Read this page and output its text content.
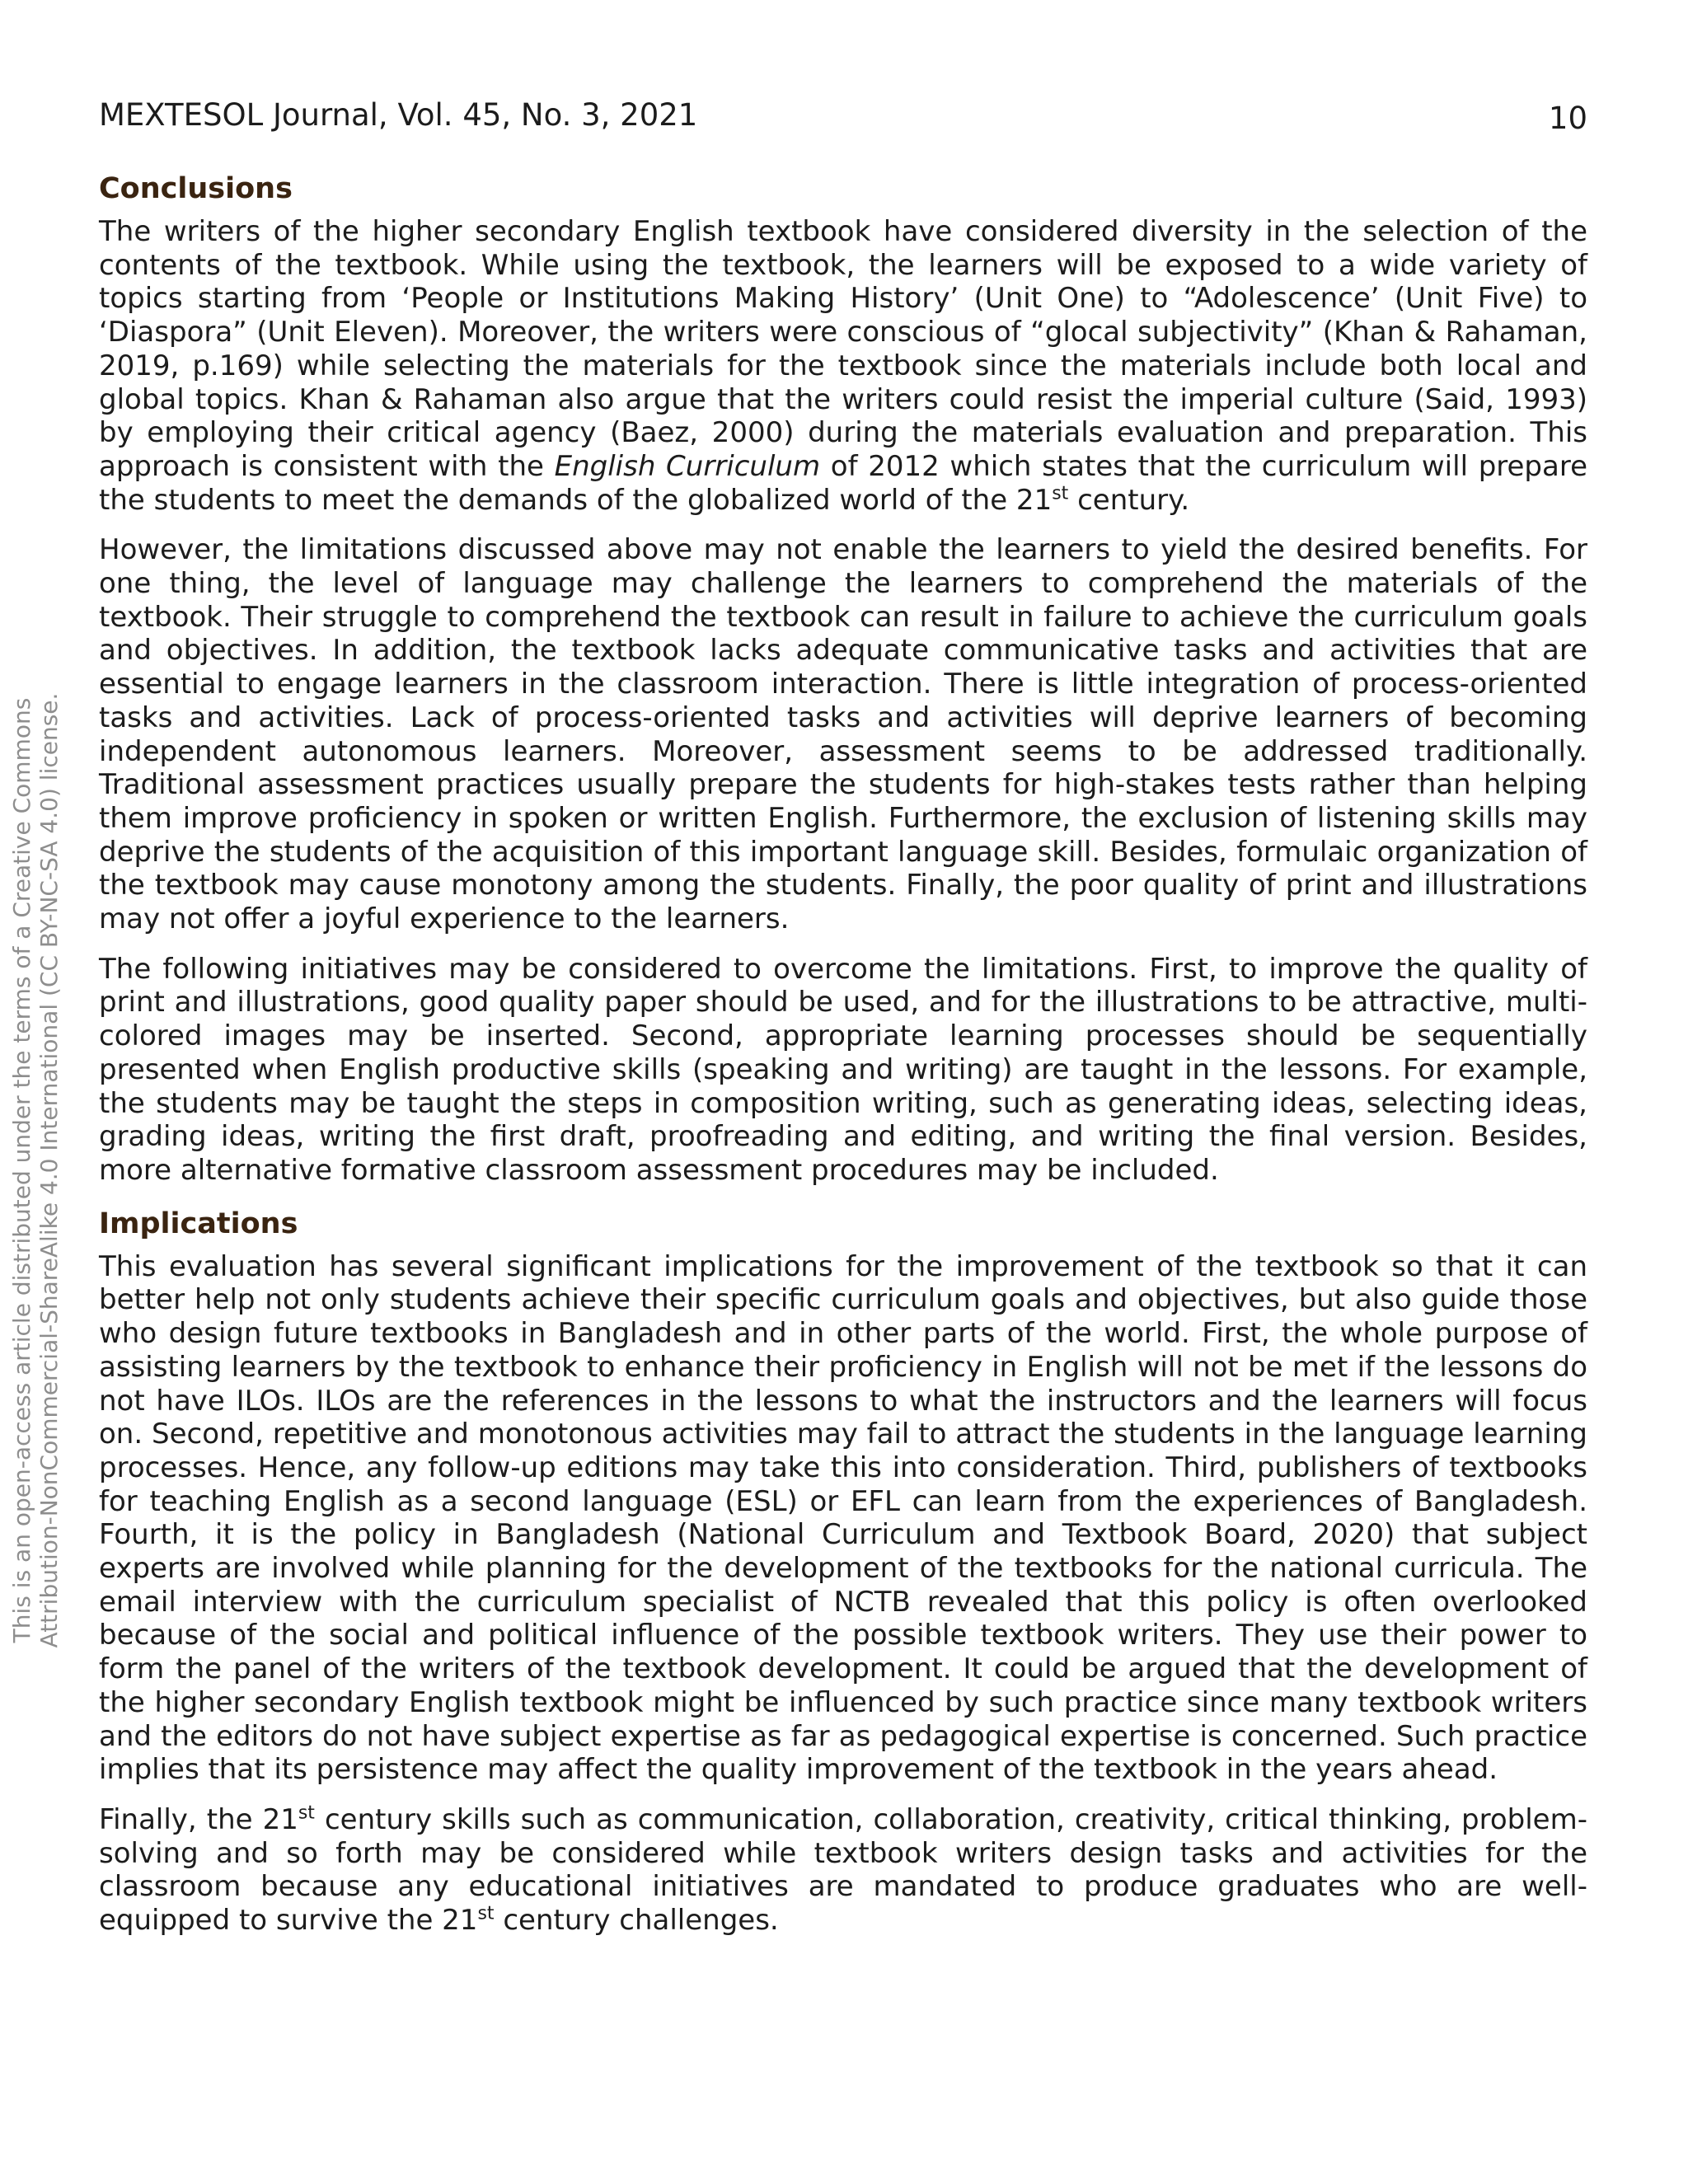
MEXTESOL Journal, Vol. 45, No. 3, 2021	10
This is an open-access article distributed under the terms of a Creative Commons Attribution-NonCommercial-ShareAlike 4.0 International (CC BY-NC-SA 4.0) license.
Conclusions

The writers of the higher secondary English textbook have considered diversity in the selection of the contents of the textbook. While using the textbook, the learners will be exposed to a wide variety of topics starting from ‘People or Institutions Making History’ (Unit One) to “Adolescence’ (Unit Five) to ‘Diaspora” (Unit Eleven). Moreover, the writers were conscious of “glocal subjectivity” (Khan & Rahaman, 2019, p.169) while selecting the materials for the textbook since the materials include both local and global topics. Khan & Rahaman also argue that the writers could resist the imperial culture (Said, 1993) by employing their critical agency (Baez, 2000) during the materials evaluation and preparation. This approach is consistent with the English Curriculum of 2012 which states that the curriculum will prepare the students to meet the demands of the globalized world of the 21st century.

However, the limitations discussed above may not enable the learners to yield the desired benefits. For one thing, the level of language may challenge the learners to comprehend the materials of the textbook. Their struggle to comprehend the textbook can result in failure to achieve the curriculum goals and objectives. In addition, the textbook lacks adequate communicative tasks and activities that are essential to engage learners in the classroom interaction. There is little integration of process-oriented tasks and activities. Lack of process-oriented tasks and activities will deprive learners of becoming independent autonomous learners. Moreover, assessment seems to be addressed traditionally. Traditional assessment practices usually prepare the students for high-stakes tests rather than helping them improve proficiency in spoken or written English. Furthermore, the exclusion of listening skills may deprive the students of the acquisition of this important language skill. Besides, formulaic organization of the textbook may cause monotony among the students. Finally, the poor quality of print and illustrations may not offer a joyful experience to the learners.

The following initiatives may be considered to overcome the limitations. First, to improve the quality of print and illustrations, good quality paper should be used, and for the illustrations to be attractive, multi-colored images may be inserted. Second, appropriate learning processes should be sequentially presented when English productive skills (speaking and writing) are taught in the lessons. For example, the students may be taught the steps in composition writing, such as generating ideas, selecting ideas, grading ideas, writing the first draft, proofreading and editing, and writing the final version. Besides, more alternative formative classroom assessment procedures may be included.

Implications

This evaluation has several significant implications for the improvement of the textbook so that it can better help not only students achieve their specific curriculum goals and objectives, but also guide those who design future textbooks in Bangladesh and in other parts of the world. First, the whole purpose of assisting learners by the textbook to enhance their proficiency in English will not be met if the lessons do not have ILOs. ILOs are the references in the lessons to what the instructors and the learners will focus on. Second, repetitive and monotonous activities may fail to attract the students in the language learning processes. Hence, any follow-up editions may take this into consideration. Third, publishers of textbooks for teaching English as a second language (ESL) or EFL can learn from the experiences of Bangladesh. Fourth, it is the policy in Bangladesh (National Curriculum and Textbook Board, 2020) that subject experts are involved while planning for the development of the textbooks for the national curricula. The email interview with the curriculum specialist of NCTB revealed that this policy is often overlooked because of the social and political influence of the possible textbook writers. They use their power to form the panel of the writers of the textbook development. It could be argued that the development of the higher secondary English textbook might be influenced by such practice since many textbook writers and the editors do not have subject expertise as far as pedagogical expertise is concerned. Such practice implies that its persistence may affect the quality improvement of the textbook in the years ahead.

Finally, the 21st century skills such as communication, collaboration, creativity, critical thinking, problem-solving and so forth may be considered while textbook writers design tasks and activities for the classroom because any educational initiatives are mandated to produce graduates who are well-equipped to survive the 21st century challenges.
